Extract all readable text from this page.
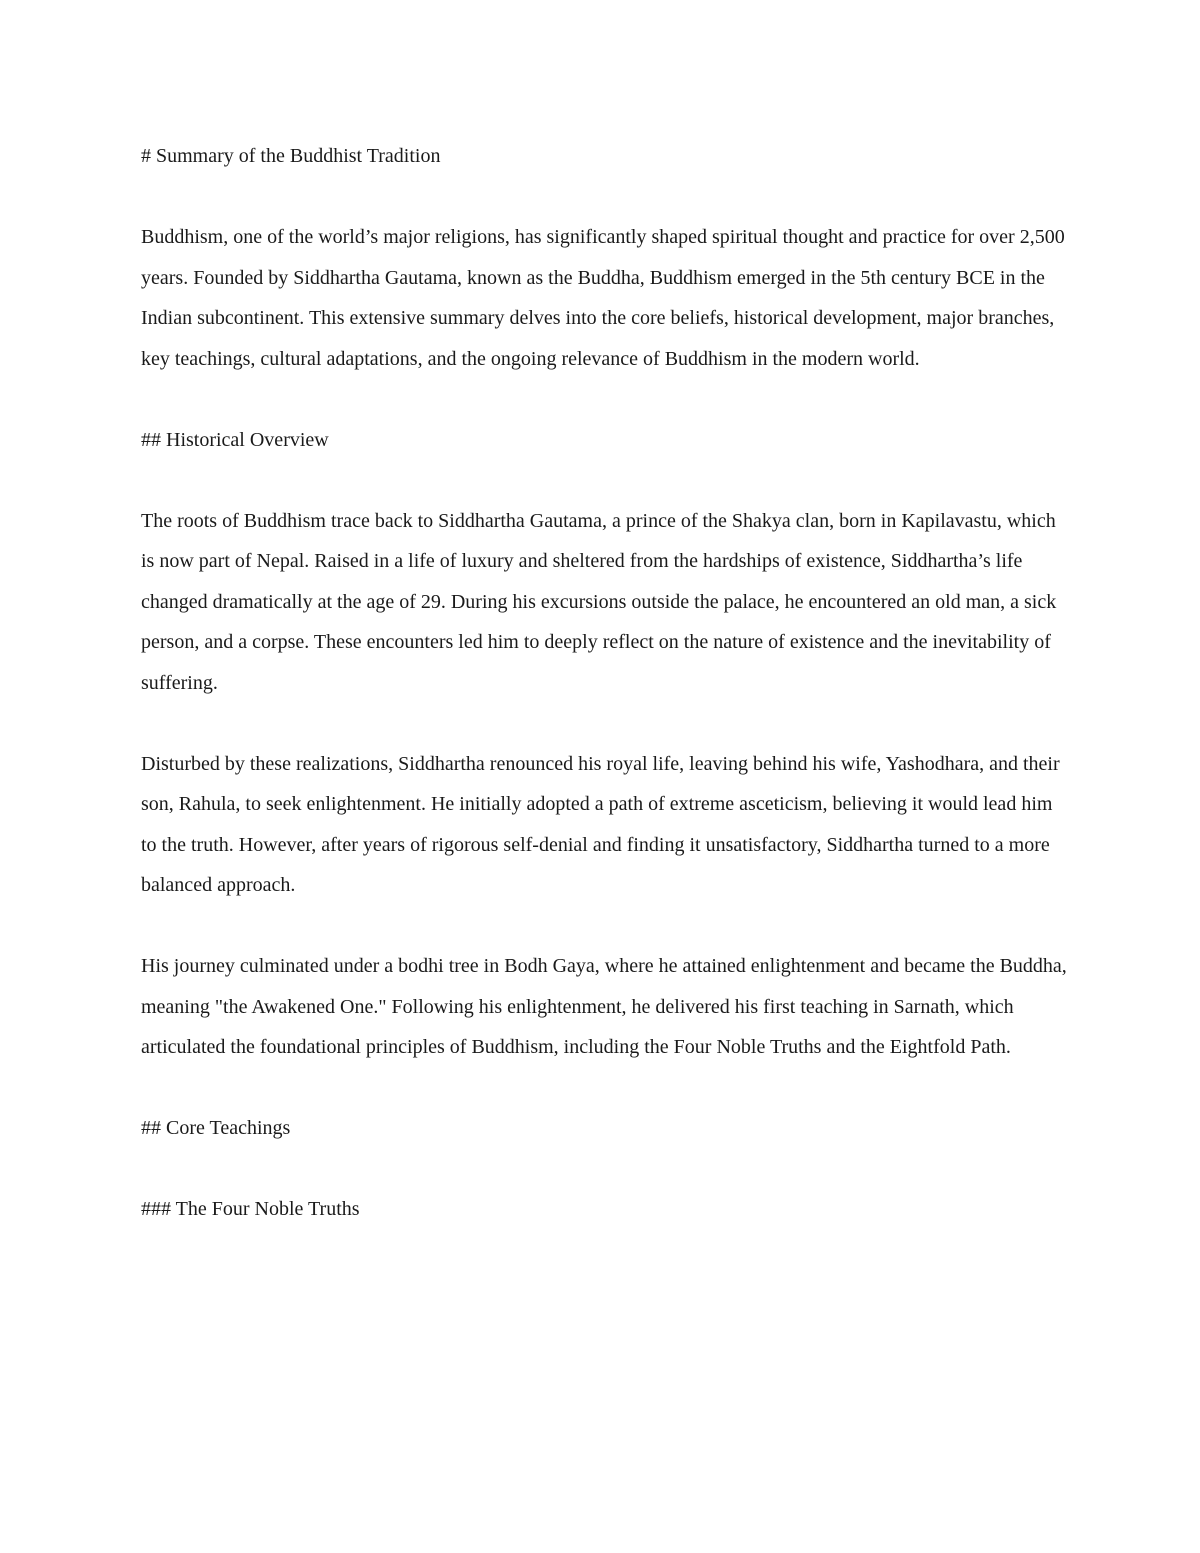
# Summary of the Buddhist Tradition

Buddhism, one of the world’s major religions, has significantly shaped spiritual thought and practice for over 2,500 years. Founded by Siddhartha Gautama, known as the Buddha, Buddhism emerged in the 5th century BCE in the Indian subcontinent. This extensive summary delves into the core beliefs, historical development, major branches, key teachings, cultural adaptations, and the ongoing relevance of Buddhism in the modern world.

## Historical Overview

The roots of Buddhism trace back to Siddhartha Gautama, a prince of the Shakya clan, born in Kapilavastu, which is now part of Nepal. Raised in a life of luxury and sheltered from the hardships of existence, Siddhartha’s life changed dramatically at the age of 29. During his excursions outside the palace, he encountered an old man, a sick person, and a corpse. These encounters led him to deeply reflect on the nature of existence and the inevitability of suffering.

Disturbed by these realizations, Siddhartha renounced his royal life, leaving behind his wife, Yashodhara, and their son, Rahula, to seek enlightenment. He initially adopted a path of extreme asceticism, believing it would lead him to the truth. However, after years of rigorous self-denial and finding it unsatisfactory, Siddhartha turned to a more balanced approach.

His journey culminated under a bodhi tree in Bodh Gaya, where he attained enlightenment and became the Buddha, meaning "the Awakened One." Following his enlightenment, he delivered his first teaching in Sarnath, which articulated the foundational principles of Buddhism, including the Four Noble Truths and the Eightfold Path.

## Core Teachings

### The Four Noble Truths
